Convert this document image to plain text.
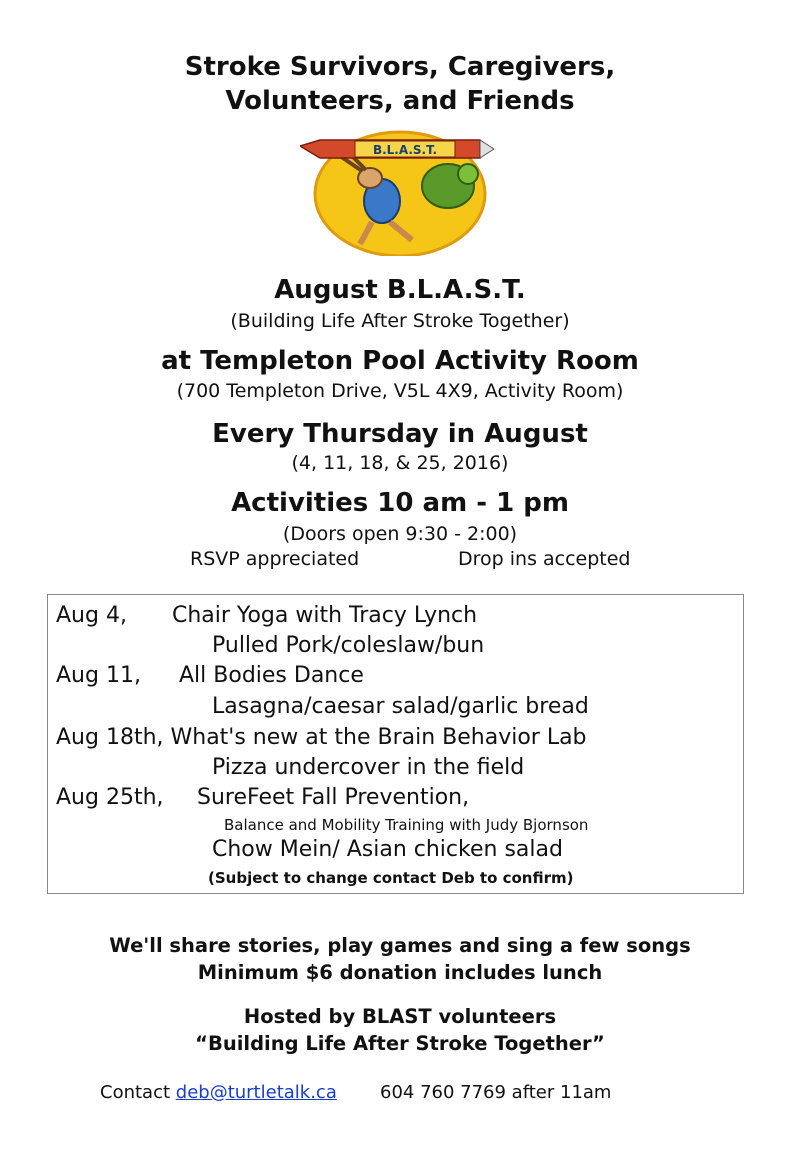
Stroke Survivors, Caregivers,
Volunteers, and Friends
B.L.A.S.T.
August B.L.A.S.T.
(Building Life After Stroke Together)
at Templeton Pool Activity Room
(700 Templeton Drive, V5L 4X9, Activity Room)
Every Thursday in August
(4, 11, 18, & 25, 2016)
Activities 10 am - 1 pm
(Doors open 9:30 - 2:00)
RSVP appreciated	Drop ins accepted
Aug 4, Chair Yoga with Tracy Lynch
Pulled Pork/coleslaw/bun
Aug 11, All Bodies Dance
Lasagna/caesar salad/garlic bread
Aug 18th, What's new at the Brain Behavior Lab
Pizza undercover in the field
Aug 25th, SureFeet Fall Prevention,
Balance and Mobility Training with Judy Bjornson
Chow Mein/ Asian chicken salad
(Subject to change contact Deb to confirm)
We'll share stories, play games and sing a few songs
Minimum $6 donation includes lunch
Hosted by BLAST volunteers
“Building Life After Stroke Together”
Contact deb@turtletalk.ca 604 760 7769 after 11am
